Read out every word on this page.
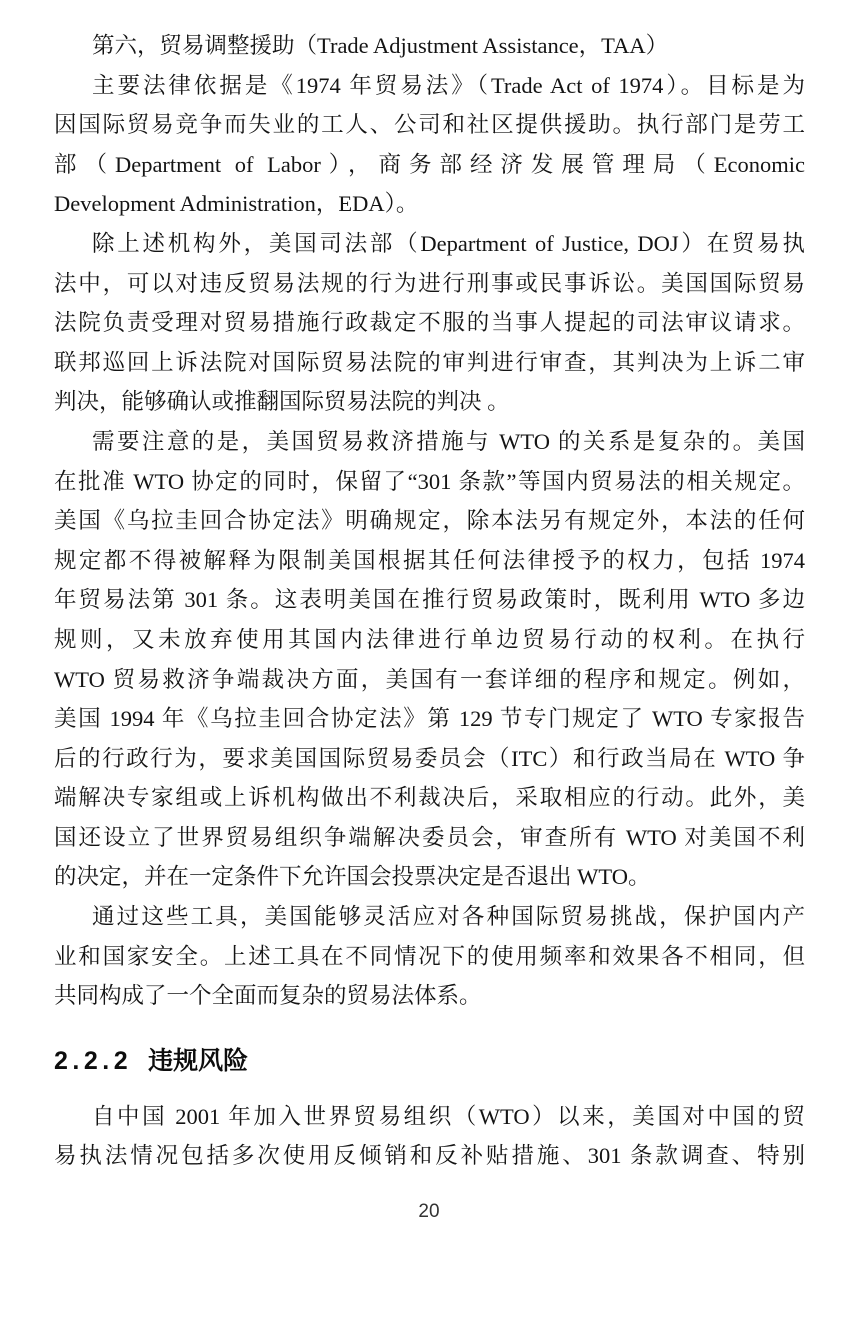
第六，贸易调整援助（Trade Adjustment Assistance，TAA）
主要法律依据是《1974 年贸易法》（Trade Act of 1974）。目标是为
因国际贸易竞争而失业的工人、公司和社区提供援助。执行部门是劳工
部（Department of Labor），商务部经济发展管理局（Economic
Development Administration，EDA）。
除上述机构外，美国司法部（Department of Justice, DOJ）在贸易执
法中，可以对违反贸易法规的行为进行刑事或民事诉讼。美国国际贸易
法院负责受理对贸易措施行政裁定不服的当事人提起的司法审议请求。
联邦巡回上诉法院对国际贸易法院的审判进行审查，其判决为上诉二审
判决，能够确认或推翻国际贸易法院的判决 。
需要注意的是，美国贸易救济措施与 WTO 的关系是复杂的。美国
在批准 WTO 协定的同时，保留了“301 条款”等国内贸易法的相关规定。
美国《乌拉圭回合协定法》明确规定，除本法另有规定外，本法的任何
规定都不得被解释为限制美国根据其任何法律授予的权力，包括 1974
年贸易法第 301 条。这表明美国在推行贸易政策时，既利用 WTO 多边
规则，又未放弃使用其国内法律进行单边贸易行动的权利。在执行
WTO 贸易救济争端裁决方面，美国有一套详细的程序和规定。例如，
美国 1994 年《乌拉圭回合协定法》第 129 节专门规定了 WTO 专家报告
后的行政行为，要求美国国际贸易委员会（ITC）和行政当局在 WTO 争
端解决专家组或上诉机构做出不利裁决后，采取相应的行动。此外，美
国还设立了世界贸易组织争端解决委员会，审查所有 WTO 对美国不利
的决定，并在一定条件下允许国会投票决定是否退出 WTO。
通过这些工具，美国能够灵活应对各种国际贸易挑战，保护国内产
业和国家安全。上述工具在不同情况下的使用频率和效果各不相同，但
共同构成了一个全面而复杂的贸易法体系。
2.2.2 违规风险
自中国 2001 年加入世界贸易组织（WTO）以来，美国对中国的贸
易执法情况包括多次使用反倾销和反补贴措施、301 条款调查、特别
20
